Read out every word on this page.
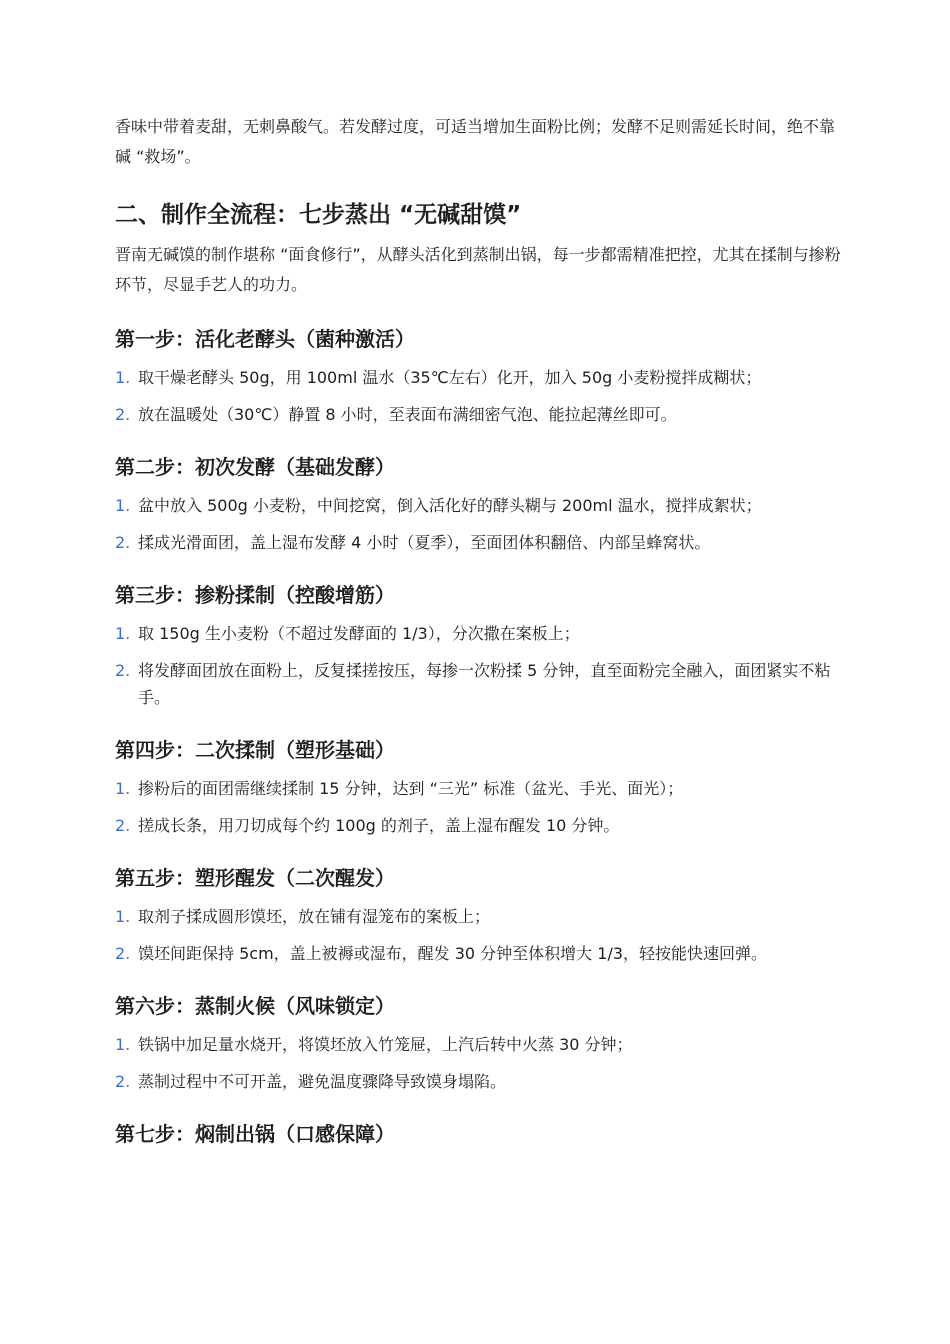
香味中带着麦甜，无刺鼻酸气。若发酵过度，可适当增加生面粉比例；发酵不足则需延长时间，绝不靠碱 “救场”。

二、制作全流程：七步蒸出 “无碱甜馍”

晋南无碱馍的制作堪称 “面食修行”，从酵头活化到蒸制出锅，每一步都需精准把控，尤其在揉制与掺粉环节，尽显手艺人的功力。

第一步：活化老酵头（菌种激活）
1. 取干燥老酵头 50g，用 100ml 温水（35℃左右）化开，加入 50g 小麦粉搅拌成糊状；
2. 放在温暖处（30℃）静置 8 小时，至表面布满细密气泡、能拉起薄丝即可。
第二步：初次发酵（基础发酵）
1. 盆中放入 500g 小麦粉，中间挖窝，倒入活化好的酵头糊与 200ml 温水，搅拌成絮状；
2. 揉成光滑面团，盖上湿布发酵 4 小时（夏季），至面团体积翻倍、内部呈蜂窝状。
第三步：掺粉揉制（控酸增筋）
1. 取 150g 生小麦粉（不超过发酵面的 1/3），分次撒在案板上；
2. 将发酵面团放在面粉上，反复揉搓按压，每掺一次粉揉 5 分钟，直至面粉完全融入，面团紧实不粘手。
第四步：二次揉制（塑形基础）
1. 掺粉后的面团需继续揉制 15 分钟，达到 “三光” 标准（盆光、手光、面光）；
2. 搓成长条，用刀切成每个约 100g 的剂子，盖上湿布醒发 10 分钟。
第五步：塑形醒发（二次醒发）
1. 取剂子揉成圆形馍坯，放在铺有湿笼布的案板上；
2. 馍坯间距保持 5cm，盖上被褥或湿布，醒发 30 分钟至体积增大 1/3，轻按能快速回弹。
第六步：蒸制火候（风味锁定）
1. 铁锅中加足量水烧开，将馍坯放入竹笼屉，上汽后转中火蒸 30 分钟；
2. 蒸制过程中不可开盖，避免温度骤降导致馍身塌陷。
第七步：焖制出锅（口感保障）
